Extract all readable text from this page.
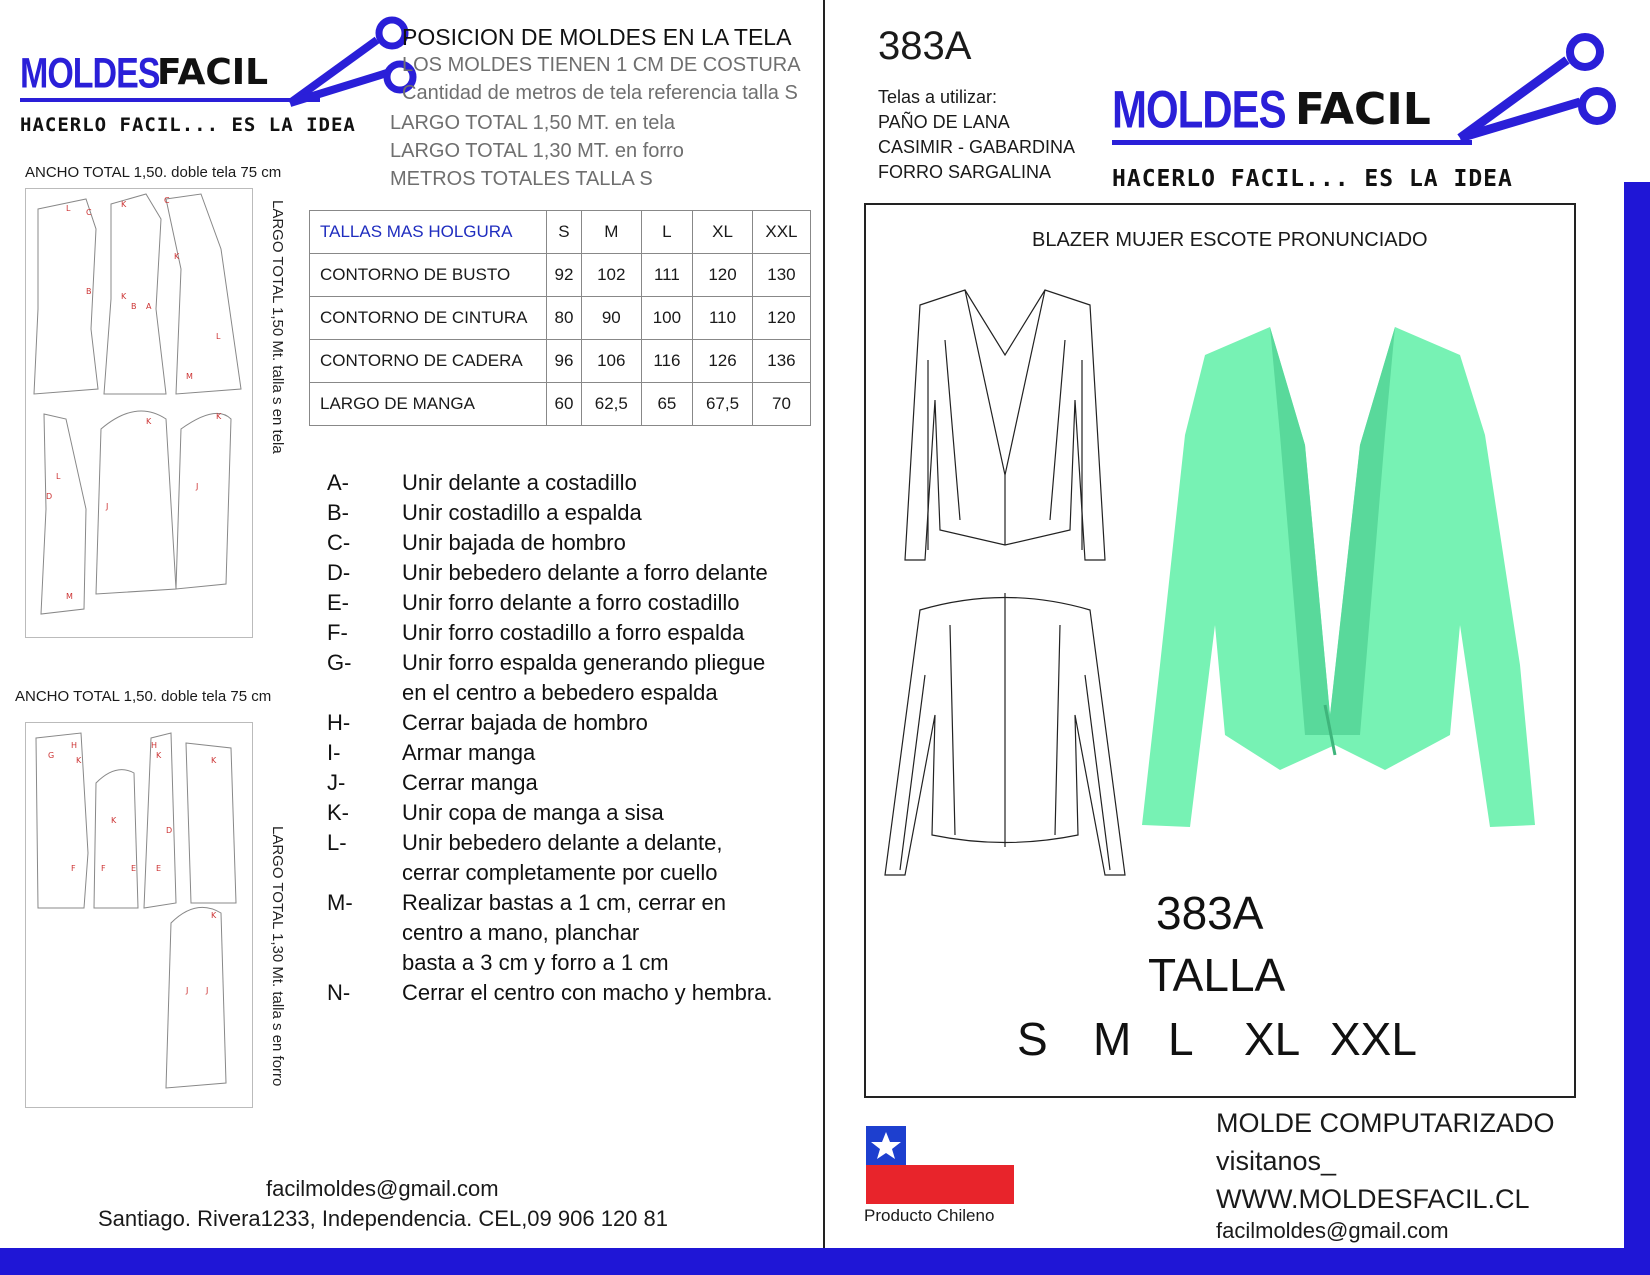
MOLDES
FACIL
HACERLO FACIL... ES LA IDEA
POSICION DE MOLDES EN LA TELA
LOS MOLDES TIENEN 1 CM DE COSTURA
Cantidad de metros de tela referencia talla S
LARGO TOTAL 1,50 MT. en tela
LARGO TOTAL 1,30 MT. en forro
METROS TOTALES TALLA S
ANCHO TOTAL 1,50. doble tela 75 cm
L C
K	C
B
K
B A
K
L
M
K
L
D
M
K
J
J
LARGO TOTAL 1,50 Mt. talla s en tela
ANCHO TOTAL 1,50. doble tela 75 cm
G
H
K
H
K
K
F	F	E E
D
K
K
J J	LARGO TOTAL 1,30 Mt. talla s en forro
TALLAS MAS HOLGURA	S	M	L	XL	XXL
CONTORNO DE BUSTO	92	102	111	120	130
CONTORNO DE CINTURA	80	90	100	110	120
CONTORNO DE CADERA	96	106	116	126	136
LARGO DE MANGA	60	62,5	65	67,5	70
A-	Unir delante a costadillo
B-	Unir costadillo a espalda
C-	Unir bajada de hombro
D-	Unir bebedero delante a forro delante
E-	Unir forro delante a forro costadillo
F-	Unir forro costadillo a forro espalda
G-	Unir forro espalda generando pliegue
en el centro a bebedero espalda
H-	Cerrar bajada de hombro
I-	Armar manga
J-	Cerrar manga
K-	Unir copa de manga a sisa
L-	Unir bebedero delante a delante,
cerrar completamente por cuello
M-	Realizar bastas a 1 cm, cerrar en
centro a mano, planchar
basta a 3 cm y forro a 1 cm
N-	Cerrar el centro con macho y hembra.
facilmoldes@gmail.com
Santiago. Rivera1233, Independencia. CEL,09 906 120 81
383A
Telas a utilizar:
PAÑO DE LANA
CASIMIR - GABARDINA
FORRO SARGALINA
MOLDES FACIL
HACERLO FACIL... ES LA IDEA
BLAZER MUJER ESCOTE PRONUNCIADO
383A
TALLA
S M L XL XXL
Producto Chileno
MOLDE COMPUTARIZADO
visitanos_
WWW.MOLDESFACIL.CL
facilmoldes@gmail.com
